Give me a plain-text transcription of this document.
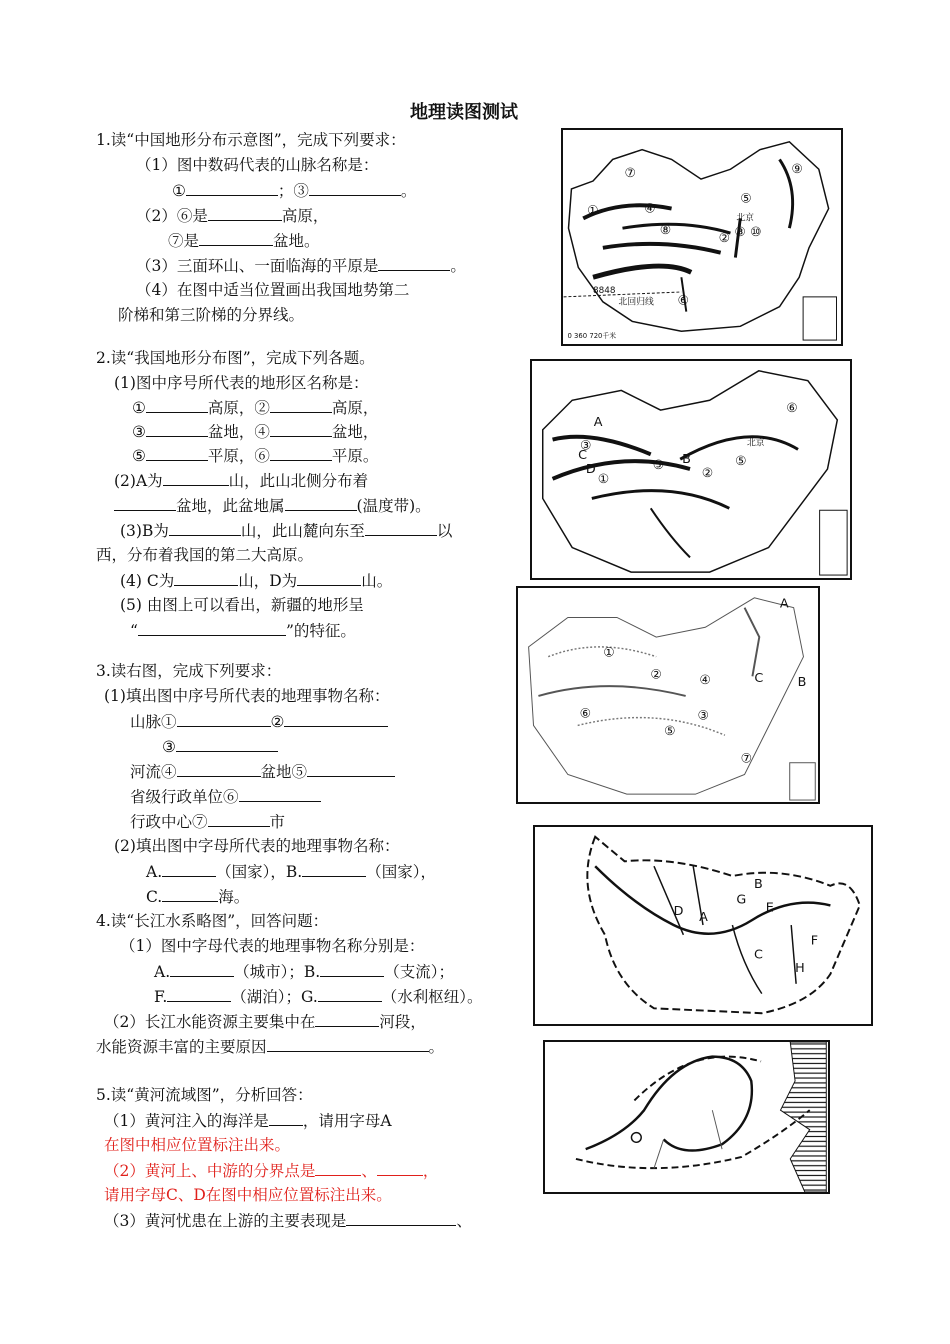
地理读图测试
1.读“中国地形分布示意图”，完成下列要求：
（1）图中数码代表的山脉名称是：
①	；③	。
（2）⑥是	高原，
⑦是	盆地。
（3）三面环山、一面临海的平原是	。
（4）在图中适当位置画出我国地势第二
阶梯和第三阶梯的分界线。
⑦	⑨
⑤
①	④
⑧
北京
② ③ ⑩
8848
北回归线 ⑥
0 360 720千米
2.读“我国地形分布图”，完成下列各题。
(1)图中序号所代表的地形区名称是：
①	高原，②	高原，
③	盆地，④	盆地，
⑤	平原，⑥	平原。
(2)A为	山，此山北侧分布着
盆地，此盆地属	(温度带)。
(3)B为	山，此山麓向东至	以
西，分布着我国的第二大高原。
(4) C为	山，D为	山。
(5) 由图上可以看出，新疆的地形呈
“	”的特征。
A
⑥
③
C
D
①
B
②
⑤
⑤
北京
3.读右图，完成下列要求：
(1)填出图中序号所代表的地理事物名称：
山脉①	②
③
河流④	盆地⑤
省级行政单位⑥
行政中心⑦	市
(2)填出图中字母所代表的地理事物名称：
A.	（国家），B.	（国家），
C.	海。
A
①
②	④	C	B
③
⑥
⑤
⑦
4.读“长江水系略图”，回答问题：
（1）图中字母代表的地理事物名称分别是：
A.	（城市）；B.	（支流）；
F.	（湖泊）；G.	（水利枢纽）。
（2）长江水能资源主要集中在	河段，
水能资源丰富的主要原因	。
B
G
E
D A
F
C
H
5.读“黄河流域图”，分析回答：
（1）黄河注入的海洋是 ，请用字母A
在图中相应位置标注出来。
（2）黄河上、中游的分界点是	、	，
请用字母C、D在图中相应位置标注出来。
（3）黄河忧患在上游的主要表现是	、
